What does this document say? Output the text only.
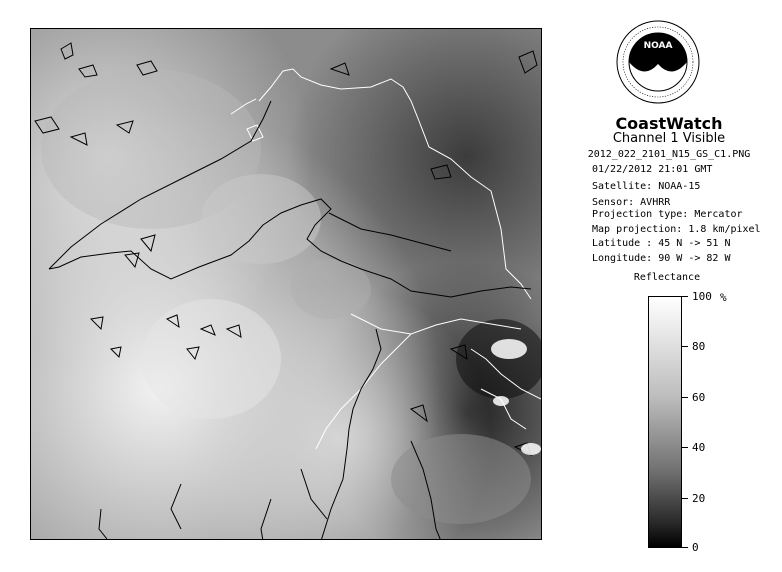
NOAA
CoastWatch
Channel 1 Visible
2012_022_2101_N15_GS_C1.PNG
01/22/2012 21:01 GMT
Satellite: NOAA-15
Sensor: AVHRR
Projection type: Mercator
Map projection: 1.8 km/pixel
Latitude : 45 N -> 51 N
Longitude: 90 W -> 82 W
Reflectance
%
100
80
60
40
20
0
